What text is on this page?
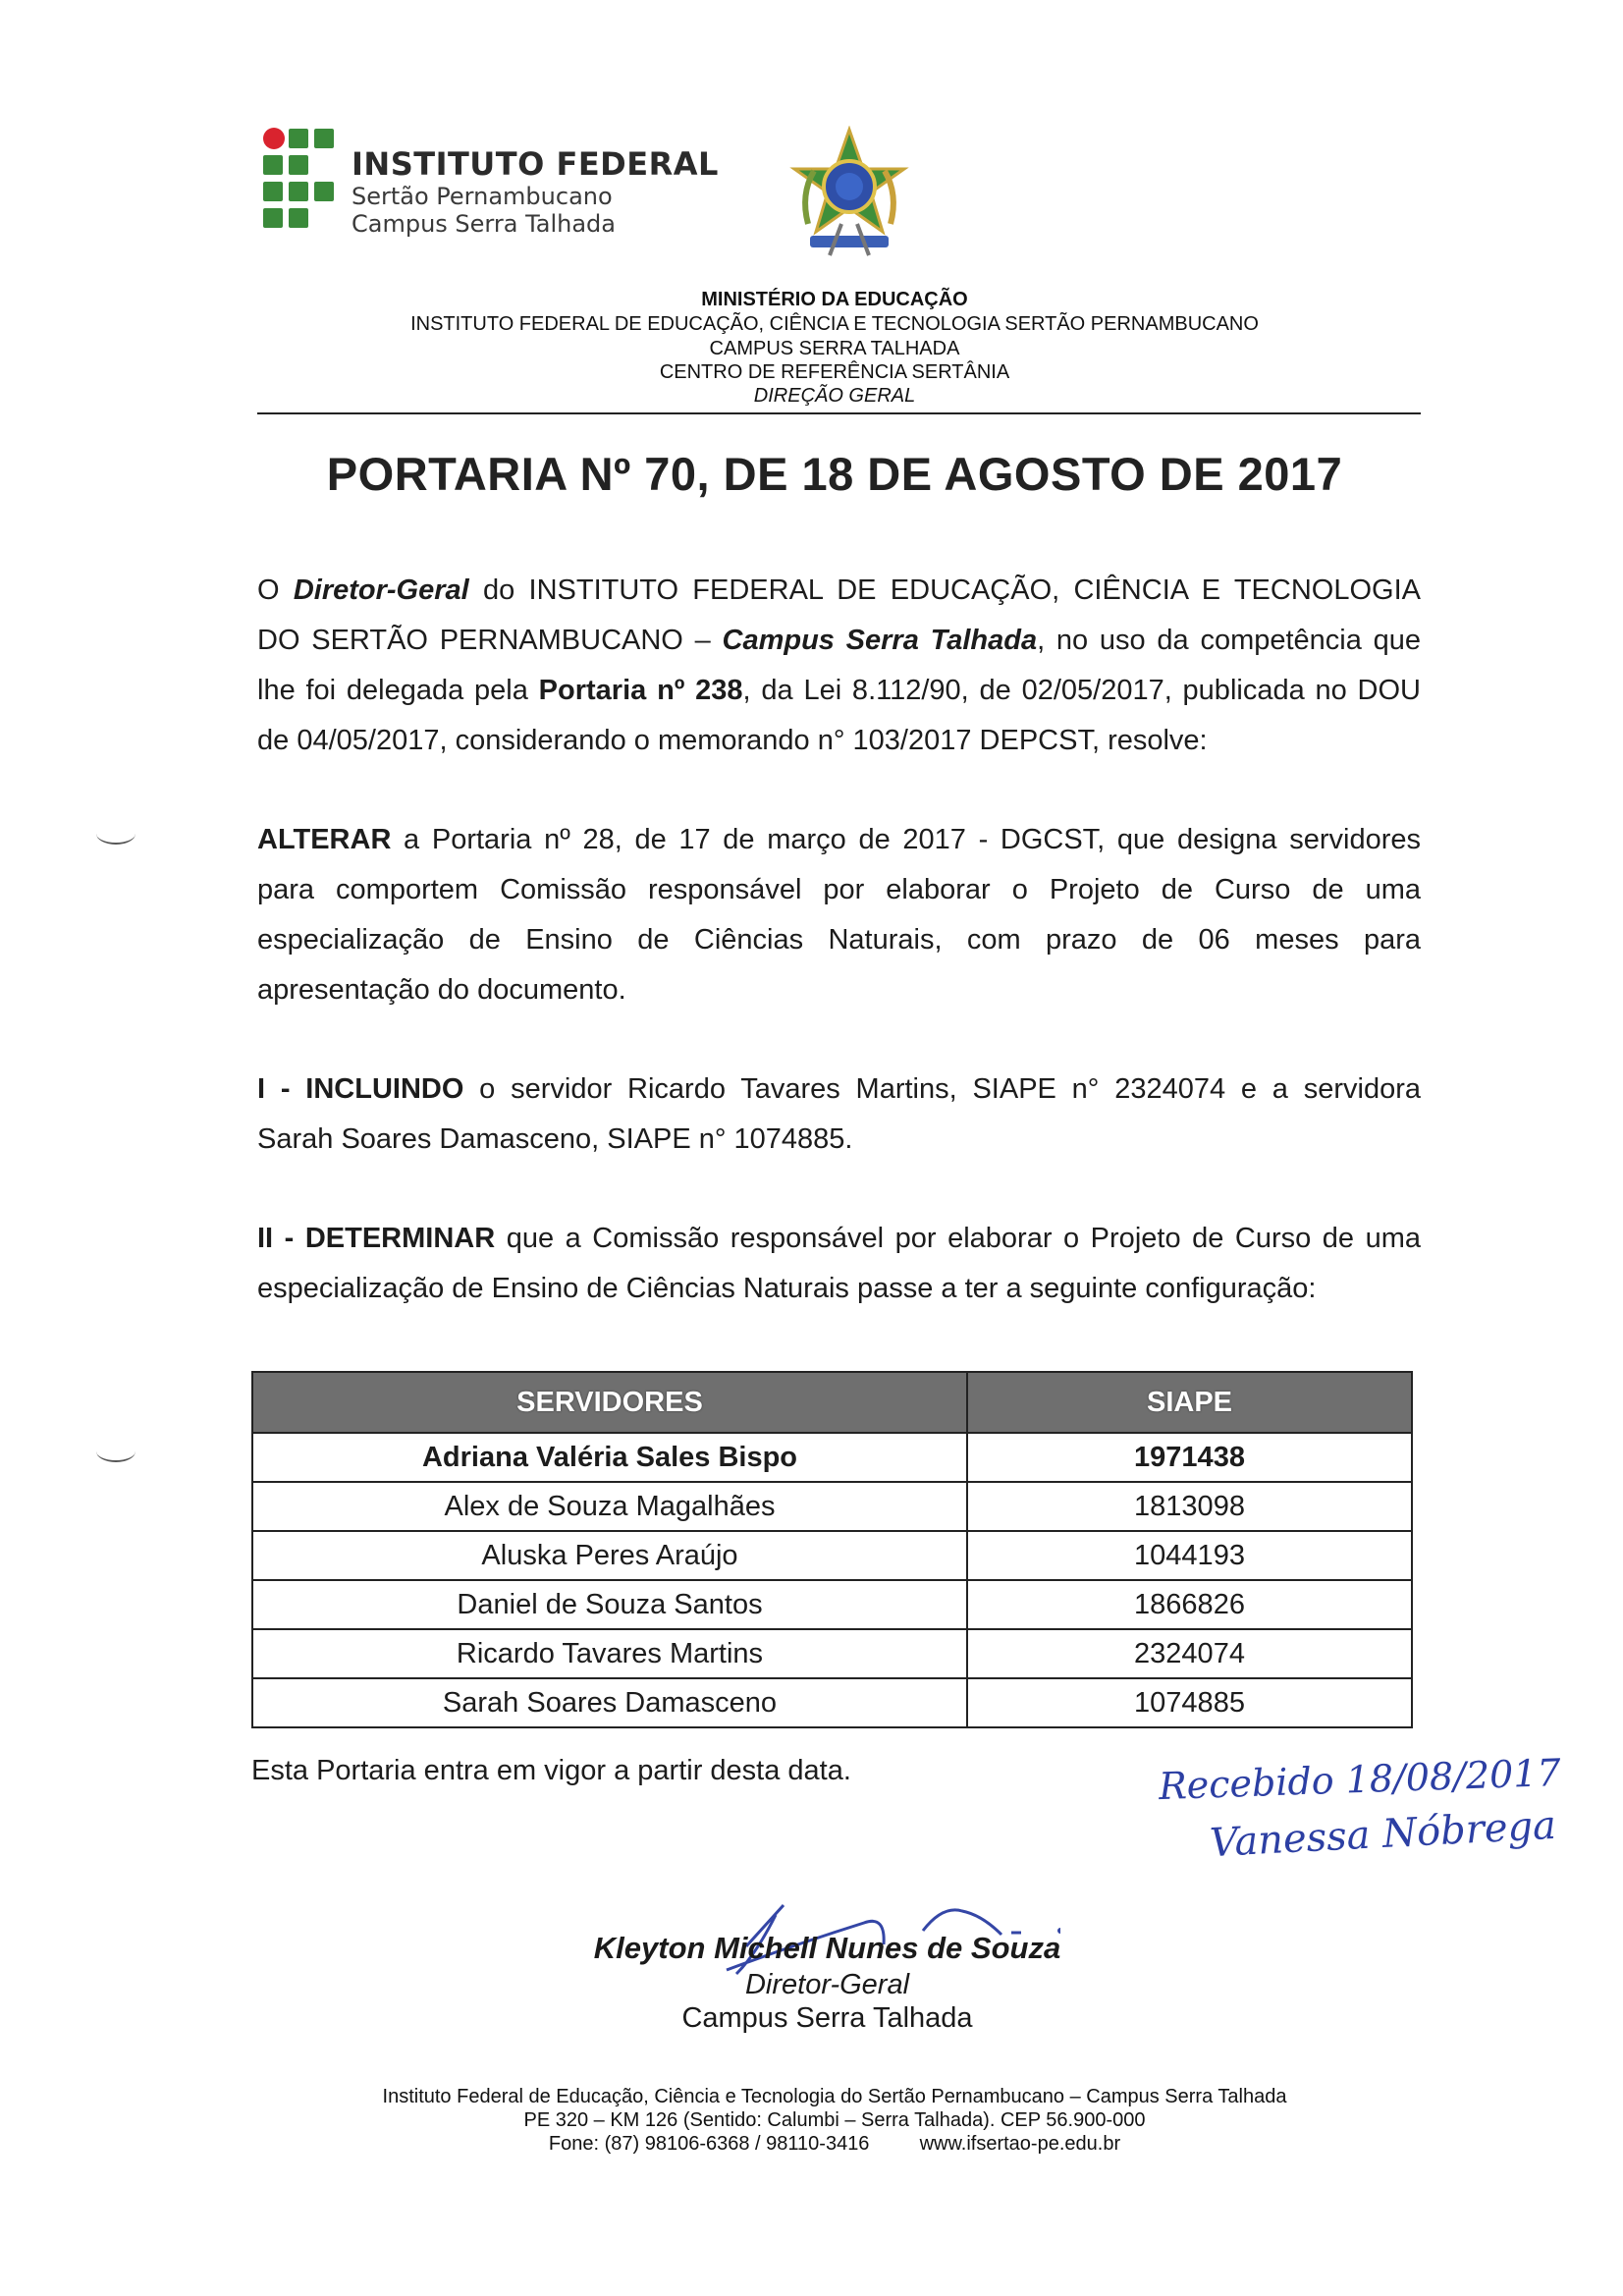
INSTITUTO FEDERAL
Sertão Pernambucano
Campus Serra Talhada
MINISTÉRIO DA EDUCAÇÃO
INSTITUTO FEDERAL DE EDUCAÇÃO, CIÊNCIA E TECNOLOGIA SERTÃO PERNAMBUCANO
CAMPUS SERRA TALHADA
CENTRO DE REFERÊNCIA SERTÂNIA
DIREÇÃO GERAL
PORTARIA Nº 70, DE 18 DE AGOSTO DE 2017
O Diretor-Geral do INSTITUTO FEDERAL DE EDUCAÇÃO, CIÊNCIA E TECNOLOGIA
DO SERTÃO PERNAMBUCANO – Campus Serra Talhada, no uso da competência que
lhe foi delegada pela Portaria nº 238, da Lei 8.112/90, de 02/05/2017, publicada no DOU
de 04/05/2017, considerando o memorando n° 103/2017 DEPCST, resolve:
ALTERAR a Portaria nº 28, de 17 de março de 2017 - DGCST, que designa servidores
para comportem Comissão responsável por elaborar o Projeto de Curso de uma
especialização de Ensino de Ciências Naturais, com prazo de 06 meses para
apresentação do documento.
I - INCLUINDO o servidor Ricardo Tavares Martins, SIAPE n° 2324074 e a servidora
Sarah Soares Damasceno, SIAPE n° 1074885.
II - DETERMINAR que a Comissão responsável por elaborar o Projeto de Curso de uma
especialização de Ensino de Ciências Naturais passe a ter a seguinte configuração:
SERVIDORES	SIAPE
Adriana Valéria Sales Bispo	1971438
Alex de Souza Magalhães	1813098
Aluska Peres Araújo	1044193
Daniel de Souza Santos	1866826
Ricardo Tavares Martins	2324074
Sarah Soares Damasceno	1074885
Esta Portaria entra em vigor a partir desta data.	Recebido 18/08/2017
Vanessa Nóbrega
Kleyton Michell Nunes de Souza
Diretor-Geral
Campus Serra Talhada
Instituto Federal de Educação, Ciência e Tecnologia do Sertão Pernambucano – Campus Serra Talhada
PE 320 – KM 126 (Sentido: Calumbi – Serra Talhada). CEP 56.900-000
Fone: (87) 98106-6368 / 98110-3416	www.ifsertao-pe.edu.br
